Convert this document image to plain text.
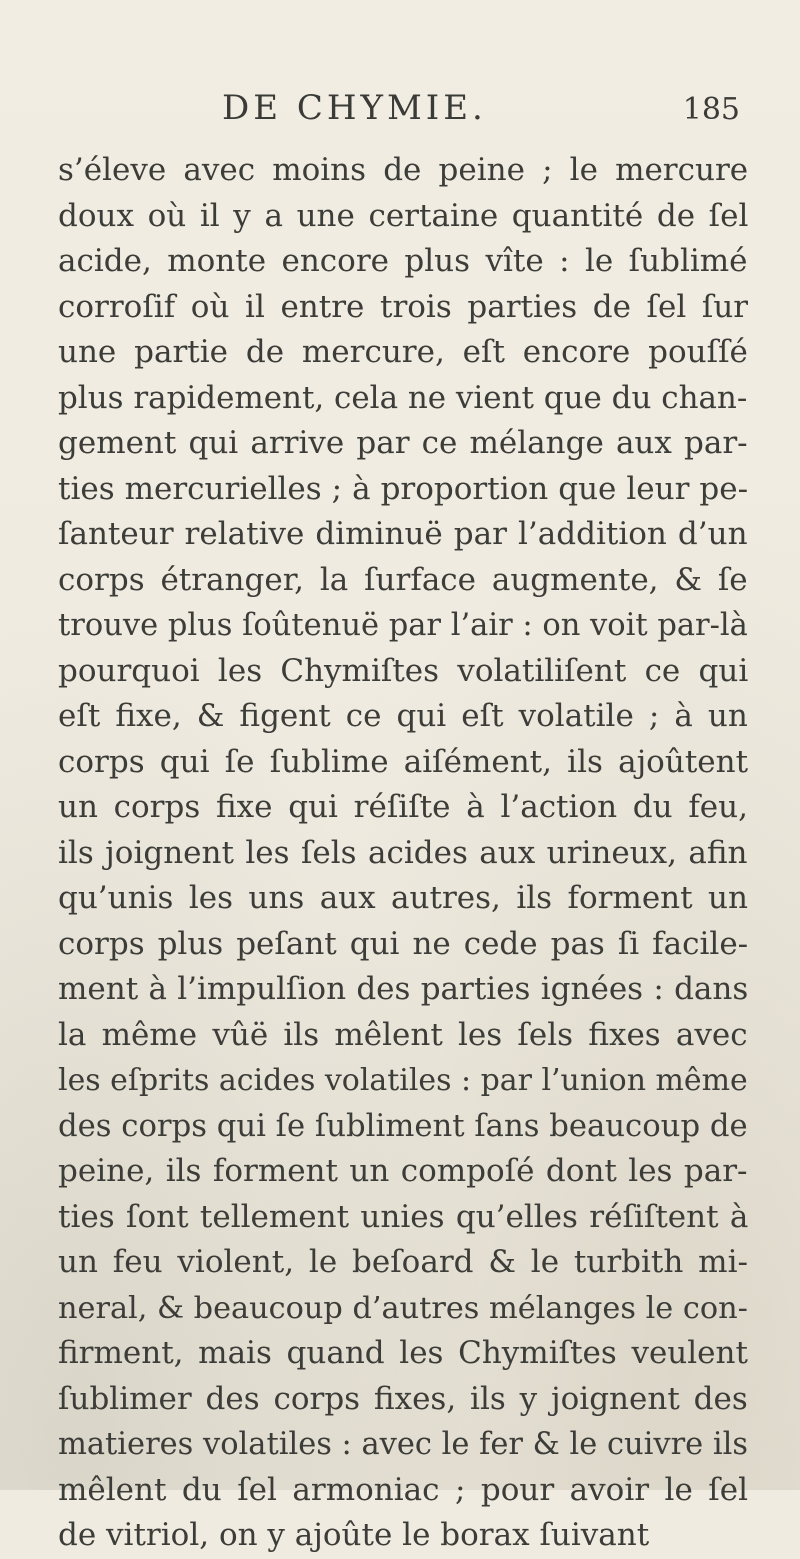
DE CHYMIE.	185
s’éleve avec moins de peine ; le mercure
doux où il y a une certaine quantité de ſel
acide, monte encore plus vîte : le ſublimé
corroſif où il entre trois parties de ſel ſur
une partie de mercure, eſt encore pouſſé
plus rapidement, cela ne vient que du chan-
gement qui arrive par ce mélange aux par-
ties mercurielles ; à proportion que leur pe-
ſanteur relative diminuë par l’addition d’un
corps étranger, la ſurface augmente, & ſe
trouve plus ſoûtenuë par l’air : on voit par-là
pourquoi les Chymiſtes volatiliſent ce qui
eſt fixe, & figent ce qui eſt volatile ; à un
corps qui ſe ſublime aiſément, ils ajoûtent
un corps fixe qui réſiſte à l’action du feu,
ils joignent les ſels acides aux urineux, afin
qu’unis les uns aux autres, ils forment un
corps plus peſant qui ne cede pas ſi facile-
ment à l’impulſion des parties ignées : dans
la même vûë ils mêlent les ſels fixes avec
les eſprits acides volatiles : par l’union même
des corps qui ſe ſubliment ſans beaucoup de
peine, ils forment un compoſé dont les par-
ties ſont tellement unies qu’elles réſiſtent à
un feu violent, le beſoard & le turbith mi-
neral, & beaucoup d’autres mélanges le con-
firment, mais quand les Chymiſtes veulent
ſublimer des corps fixes, ils y joignent des
matieres volatiles : avec le fer & le cuivre ils
mêlent du ſel armoniac ; pour avoir le ſel
de vitriol, on y ajoûte le borax ſuivant
